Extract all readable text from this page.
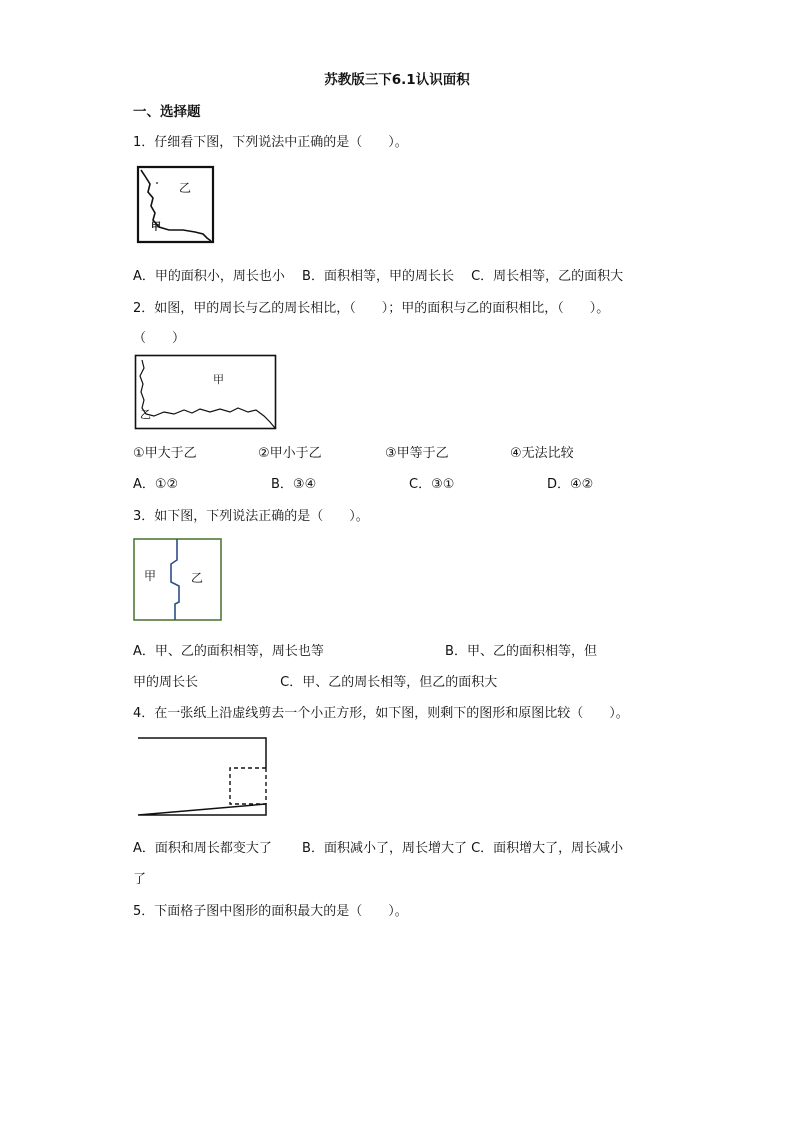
苏教版三下6.1认识面积
一、选择题
1．仔细看下图，下列说法中正确的是（　　）。
乙
甲
A．甲的面积小，周长也小　 B．面积相等，甲的周长长　 C．周长相等，乙的面积大
2．如图，甲的周长与乙的周长相比，（　　）；甲的面积与乙的面积相比，（　　）。
（　　）
甲
乙
①甲大于乙	②甲小于乙	③甲等于乙	④无法比较
A．①②	B．③④	C．③①	D．④②
3．如下图，下列说法正确的是（　　）。
甲	乙
A．甲、乙的面积相等，周长也等　　　　　　　　　 B．甲、乙的面积相等，但
甲的周长长　　　　　　 C．甲、乙的周长相等，但乙的面积大
4．在一张纸上沿虚线剪去一个小正方形，如下图，则剩下的图形和原图比较（　　）。
A．面积和周长都变大了　　 B．面积减小了，周长增大了 C．面积增大了，周长减小
了
5．下面格子图中图形的面积最大的是（　　）。
